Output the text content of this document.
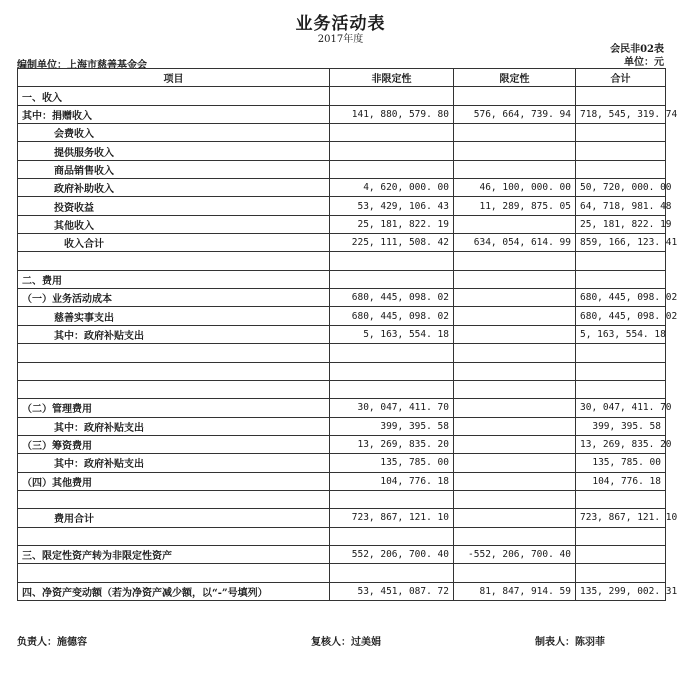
业务活动表
2017年度
会民非02表
单位：元
编制单位：上海市慈善基金会
项目	非限定性	限定性	合计
一、收入			
其中：捐赠收入	141, 880, 579. 80	576, 664, 739. 94	718, 545, 319. 74
会费收入			
提供服务收入			
商品销售收入			
政府补助收入	4, 620, 000. 00	46, 100, 000. 00	50, 720, 000. 00
投资收益	53, 429, 106. 43	11, 289, 875. 05	64, 718, 981. 48
其他收入	25, 181, 822. 19		25, 181, 822. 19
收入合计	225, 111, 508. 42	634, 054, 614. 99	859, 166, 123. 41

二、费用			
（一）业务活动成本	680, 445, 098. 02		680, 445, 098. 02
慈善实事支出	680, 445, 098. 02		680, 445, 098. 02
其中：政府补贴支出	5, 163, 554. 18		5, 163, 554. 18

（二）管理费用	30, 047, 411. 70		30, 047, 411. 70
其中：政府补贴支出	399, 395. 58		399, 395. 58
（三）筹资费用	13, 269, 835. 20		13, 269, 835. 20
其中：政府补贴支出	135, 785. 00		135, 785. 00
（四）其他费用	104, 776. 18		104, 776. 18

费用合计	723, 867, 121. 10		723, 867, 121. 10

三、限定性资产转为非限定性资产	552, 206, 700. 40	-552, 206, 700. 40	

四、净资产变动额（若为净资产减少额，以“-”号填列）	53, 451, 087. 72	81, 847, 914. 59	135, 299, 002. 31
负责人：施德容	复核人：过美娟	制表人：陈羽菲
